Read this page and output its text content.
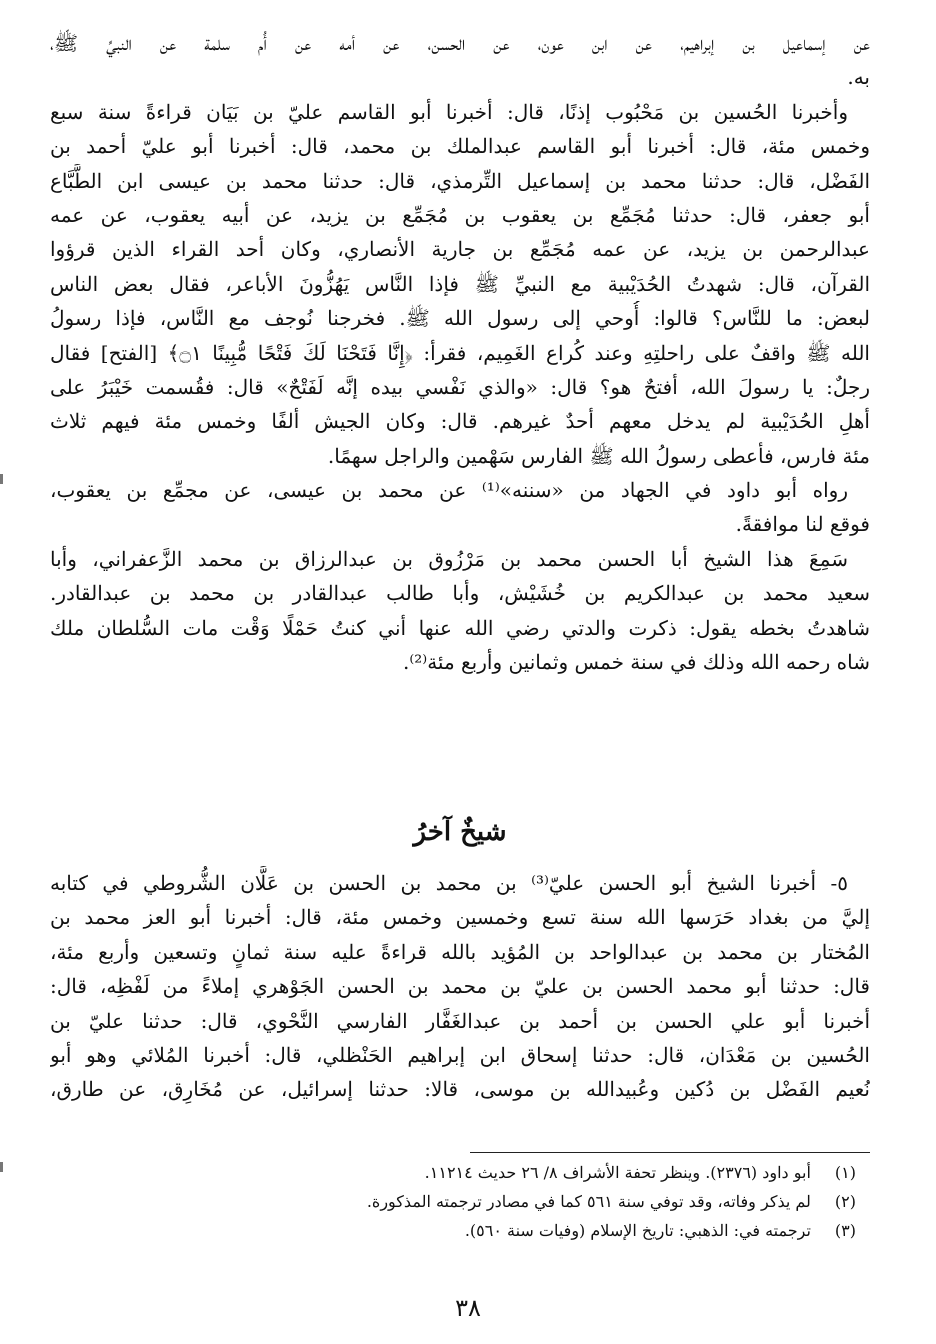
عن إسماعيل بن إبراهيم، عن ابن عون، عن الحسن، عن أمه عن أُم سلمة عن النبيِّ ﷺ،
به.
وأخبرنا الحُسين بن مَحْبُوب إذنًا، قال: أخبرنا أبو القاسم عليّ بن بَيَان قراءةً سنة سبع
وخمس مئة، قال: أخبرنا أبو القاسم عبدالملك بن محمد، قال: أخبرنا أبو عليّ أحمد بن
الفَضْل، قال: حدثنا محمد بن إسماعيل التِّرمذي، قال: حدثنا محمد بن عيسى ابن الطَّبَّاع
أبو جعفر، قال: حدثنا مُجَمِّع بن يعقوب بن مُجَمِّع بن يزيد، عن أبيه يعقوب، عن عمه
عبدالرحمن بن يزيد، عن عمه مُجَمِّع بن جارية الأنصاري، وكان أحد القراء الذين قرؤوا
القرآن، قال: شهدتُ الحُدَيْبية مع النبيِّ ﷺ فإذا النَّاس يَهُزُّونَ الأباعر، فقال بعض الناس
لبعض: ما للنَّاس؟ قالوا: أُوحي إلى رسول الله ﷺ. فخرجنا نُوجف مع النَّاس، فإذا رسولُ
الله ﷺ واقفٌ على راحلتِهِ وعند كُراع الغَمِيم، فقرأ: ﴿إِنَّا فَتَحْنَا لَكَ فَتْحًا مُّبِينًا ۝١﴾ [الفتح] فقال
رجلٌ: يا رسولَ الله، أفتحٌ هو؟ قال: «والذي نَفْسي بيده إنَّه لَفَتْحٌ» قال: فقُسمت خَيْبَرُ على
أهلِ الحُدَيْبية لم يدخل معهم أحدٌ غيرهم. قال: وكان الجيش ألفًا وخمس مئة فيهم ثلاث
مئة فارس، فأعطى رسولُ الله ﷺ الفارس سَهْمين والراجل سهمًا.
رواه أبو داود في الجهاد من «سننه»⁽¹⁾ عن محمد بن عيسى، عن مجمِّع بن يعقوب،
فوقع لنا موافقةً.
سَمِعَ هذا الشيخ أبا الحسن محمد بن مَرْزُوق بن عبدالرزاق بن محمد الزَّعفراني، وأبا
سعيد محمد بن عبدالكريم بن خُشَيْش، وأبا طالب عبدالقادر بن محمد بن عبدالقادر.
شاهدتُ بخطه يقول: ذكرت والدتي رضي الله عنها أني كنتُ حَمْلًا وَقْت مات السُّلطان ملك
شاه رحمه الله وذلك في سنة خمس وثمانين وأربع مئة⁽²⁾.
شيخٌ آخرُ
٥- أخبرنا الشيخ أبو الحسن عليّ⁽³⁾ بن محمد بن الحسن بن عَلَّان الشُّروطي في كتابه
إليَّ من بغداد حَرَسها الله سنة تسع وخمسين وخمس مئة، قال: أخبرنا أبو العز محمد بن
المُختار بن محمد بن عبدالواحد بن المُؤيد بالله قراءةً عليه سنة ثمانٍ وتسعين وأربع مئة،
قال: حدثنا أبو محمد الحسن بن عليّ بن محمد بن الحسن الجَوْهري إملاءً من لَفْظِه، قال:
أخبرنا أبو علي الحسن بن أحمد بن عبدالغَفَّار الفارسي النَّحْوي، قال: حدثنا عليّ بن
الحُسين بن مَعْدَان، قال: حدثنا إسحاق ابن إبراهيم الحَنْظلي، قال: أخبرنا المُلائي وهو أبو
نُعيم الفَضْل بن دُكين وعُبيدالله بن موسى، قالا: حدثنا إسرائيل، عن مُخَارِق، عن طارق،
(١) أبو داود (٢٣٧٦). وينظر تحفة الأشراف ٨/ ٢٦ حديث ١١٢١٤.
(٢) لم يذكر وفاته، وقد توفي سنة ٥٦١ كما في مصادر ترجمته المذكورة.
(٣) ترجمته في: الذهبي: تاريخ الإسلام (وفيات سنة ٥٦٠).
٣٨
